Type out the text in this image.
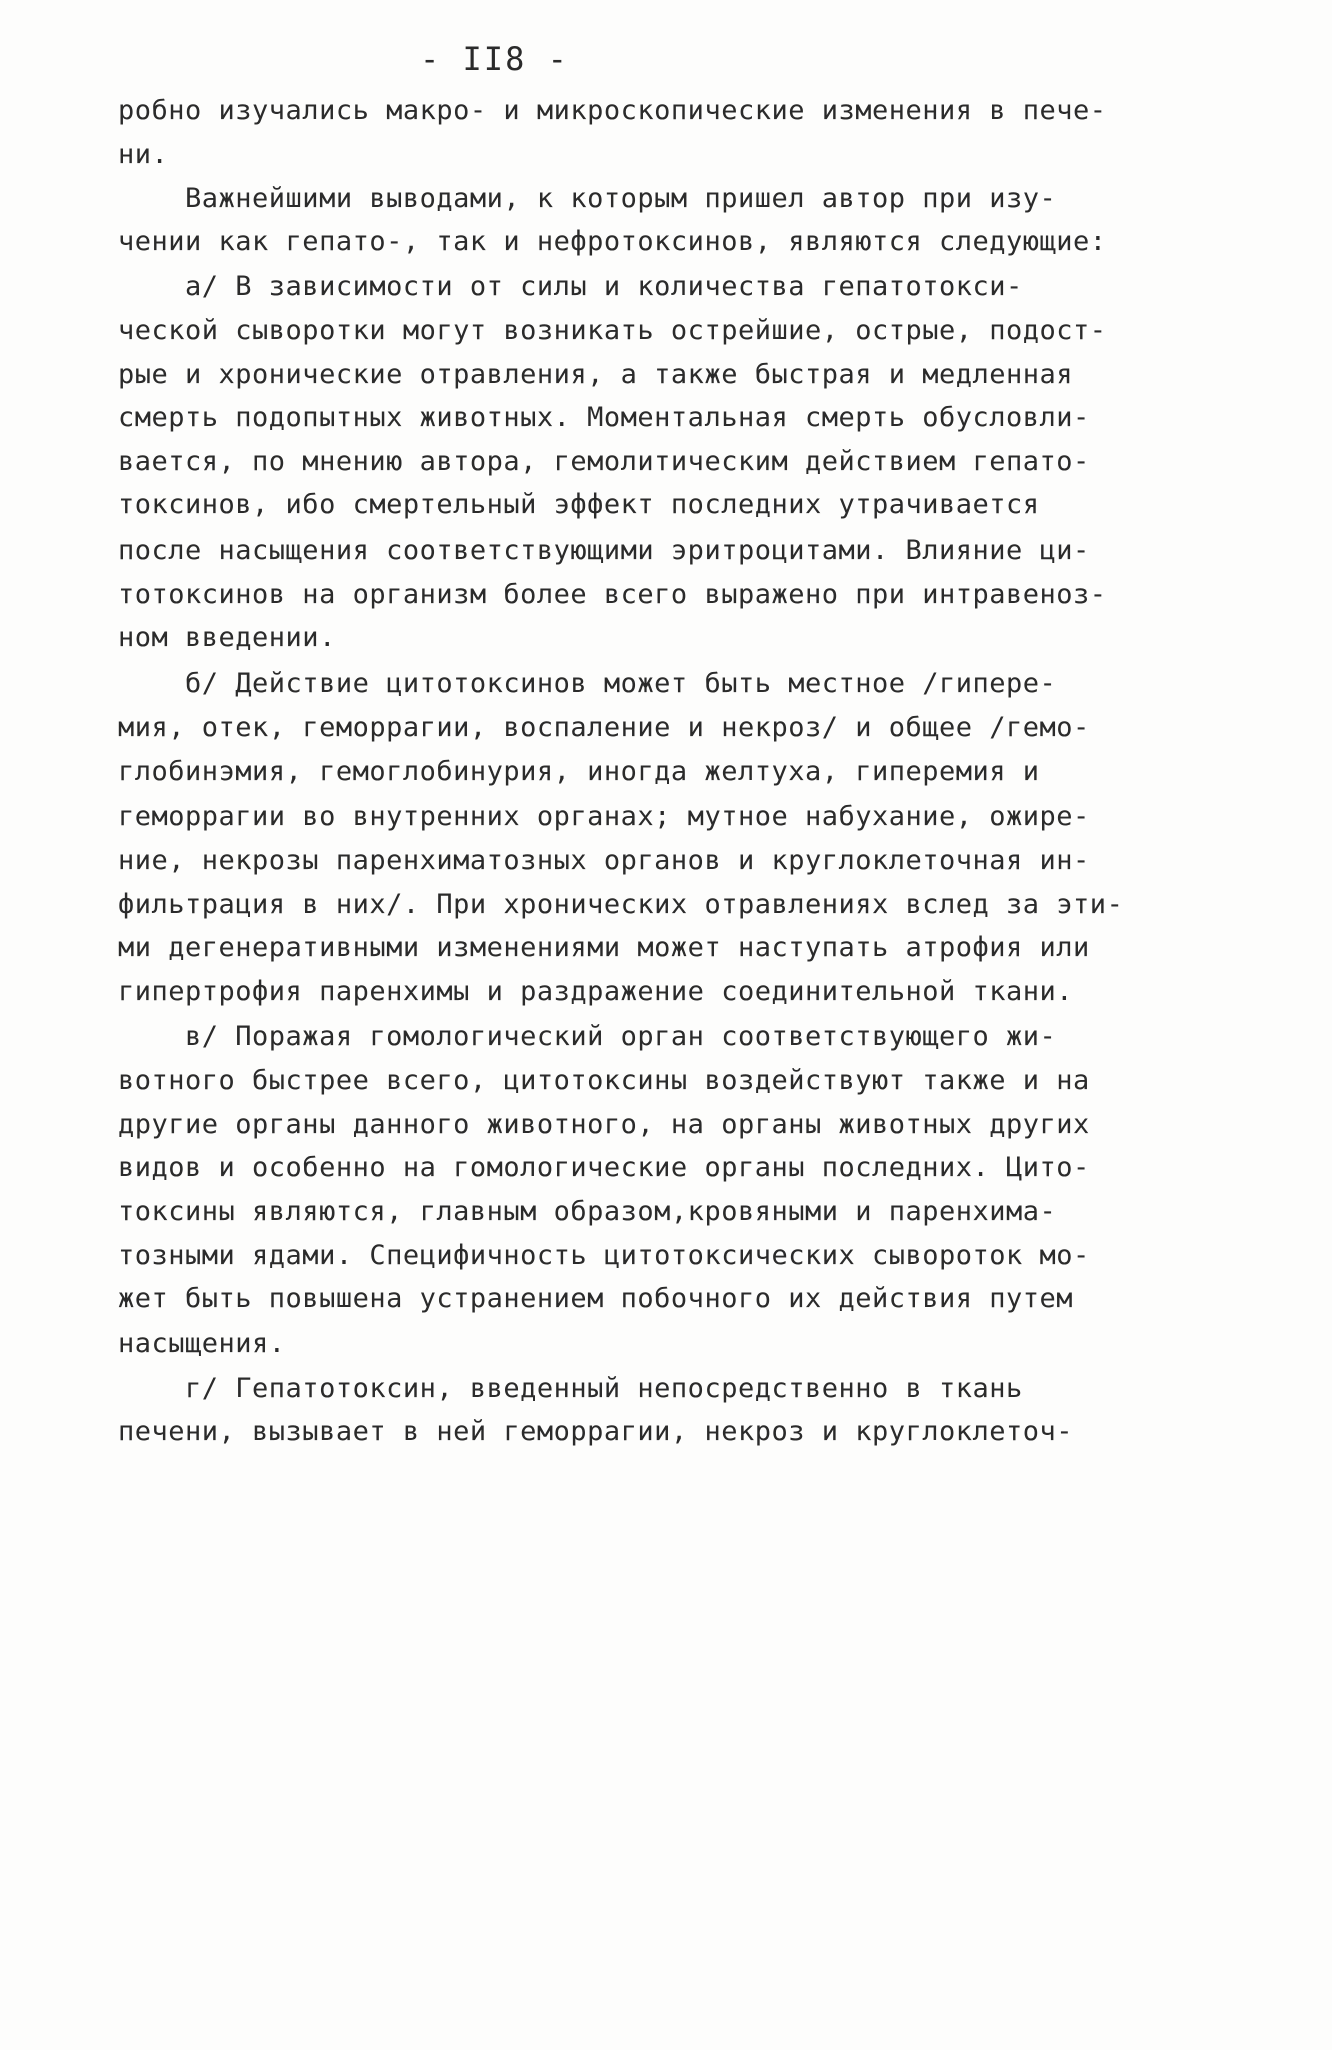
- II8 -
робно изучались макро- и микроскопические изменения в пече-
ни.
Важнейшими выводами, к которым пришел автор при изу-
чении как гепато-, так и нефротоксинов, являются следующие:
а/ В зависимости от силы и количества гепатотокси-
ческой сыворотки могут возникать острейшие, острые, подост-
рые и хронические отравления, а также быстрая и медленная
смерть подопытных животных. Моментальная смерть обусловли-
вается, по мнению автора, гемолитическим действием гепато-
токсинов, ибо смертельный эффект последних утрачивается
после насыщения соответствующими эритроцитами. Влияние ци-
тотоксинов на организм более всего выражено при интравеноз-
ном введении.
б/ Действие цитотоксинов может быть местное /гипере-
мия, отек, геморрагии, воспаление и некроз/ и общее /гемо-
глобинэмия, гемоглобинурия, иногда желтуха, гиперемия и
геморрагии во внутренних органах; мутное набухание, ожире-
ние, некрозы паренхиматозных органов и круглоклеточная ин-
фильтрация в них/. При хронических отравлениях вслед за эти-
ми дегенеративными изменениями может наступать атрофия или
гипертрофия паренхимы и раздражение соединительной ткани.
в/ Поражая гомологический орган соответствующего жи-
вотного быстрее всего, цитотоксины воздействуют также и на
другие органы данного животного, на органы животных других
видов и особенно на гомологические органы последних. Цито-
токсины являются, главным образом,кровяными и паренхима-
тозными ядами. Специфичность цитотоксических сывороток мо-
жет быть повышена устранением побочного их действия путем
насыщения.
г/ Гепатотоксин, введенный непосредственно в ткань
печени, вызывает в ней геморрагии, некроз и круглоклеточ-
